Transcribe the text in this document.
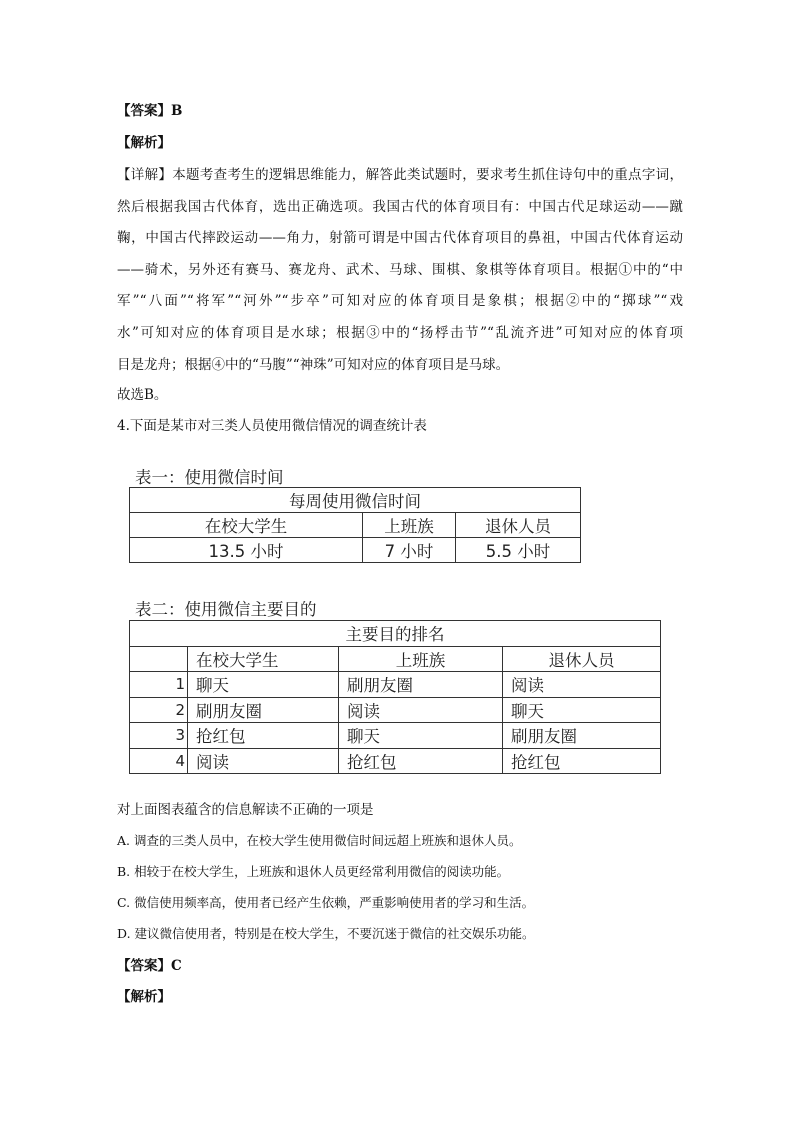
【答案】B
【解析】
【详解】本题考查考生的逻辑思维能力，解答此类试题时，要求考生抓住诗句中的重点字词，
然后根据我国古代体育，选出正确选项。我国古代的体育项目有：中国古代足球运动——蹴
鞠，中国古代摔跤运动——角力，射箭可谓是中国古代体育项目的鼻祖，中国古代体育运动
——骑术，另外还有赛马、赛龙舟、武术、马球、围棋、象棋等体育项目。根据①中的“中
军”“八面”“将军”“河外”“步卒”可知对应的体育项目是象棋；根据②中的“掷球”“戏
水”可知对应的体育项目是水球；根据③中的“扬桴击节”“乱流齐进”可知对应的体育项
目是龙舟；根据④中的“马腹”“神珠”可知对应的体育项目是马球。
故选B。
4.下面是某市对三类人员使用微信情况的调查统计表
表一：使用微信时间
每周使用微信时间		
在校大学生	上班族	退休人员
13.5 小时	7 小时	5.5 小时
表二：使用微信主要目的
主要目的排名			
	在校大学生	上班族	退休人员
1	聊天	刷朋友圈	阅读
2	刷朋友圈	阅读	聊天
3	抢红包	聊天	刷朋友圈
4	阅读	抢红包	抢红包
对上面图表蕴含的信息解读不正确的一项是
A. 调查的三类人员中，在校大学生使用微信时间远超上班族和退休人员。
B. 相较于在校大学生，上班族和退休人员更经常利用微信的阅读功能。
C. 微信使用频率高，使用者已经产生依赖，严重影响使用者的学习和生活。
D. 建议微信使用者，特别是在校大学生，不要沉迷于微信的社交娱乐功能。
【答案】C
【解析】
